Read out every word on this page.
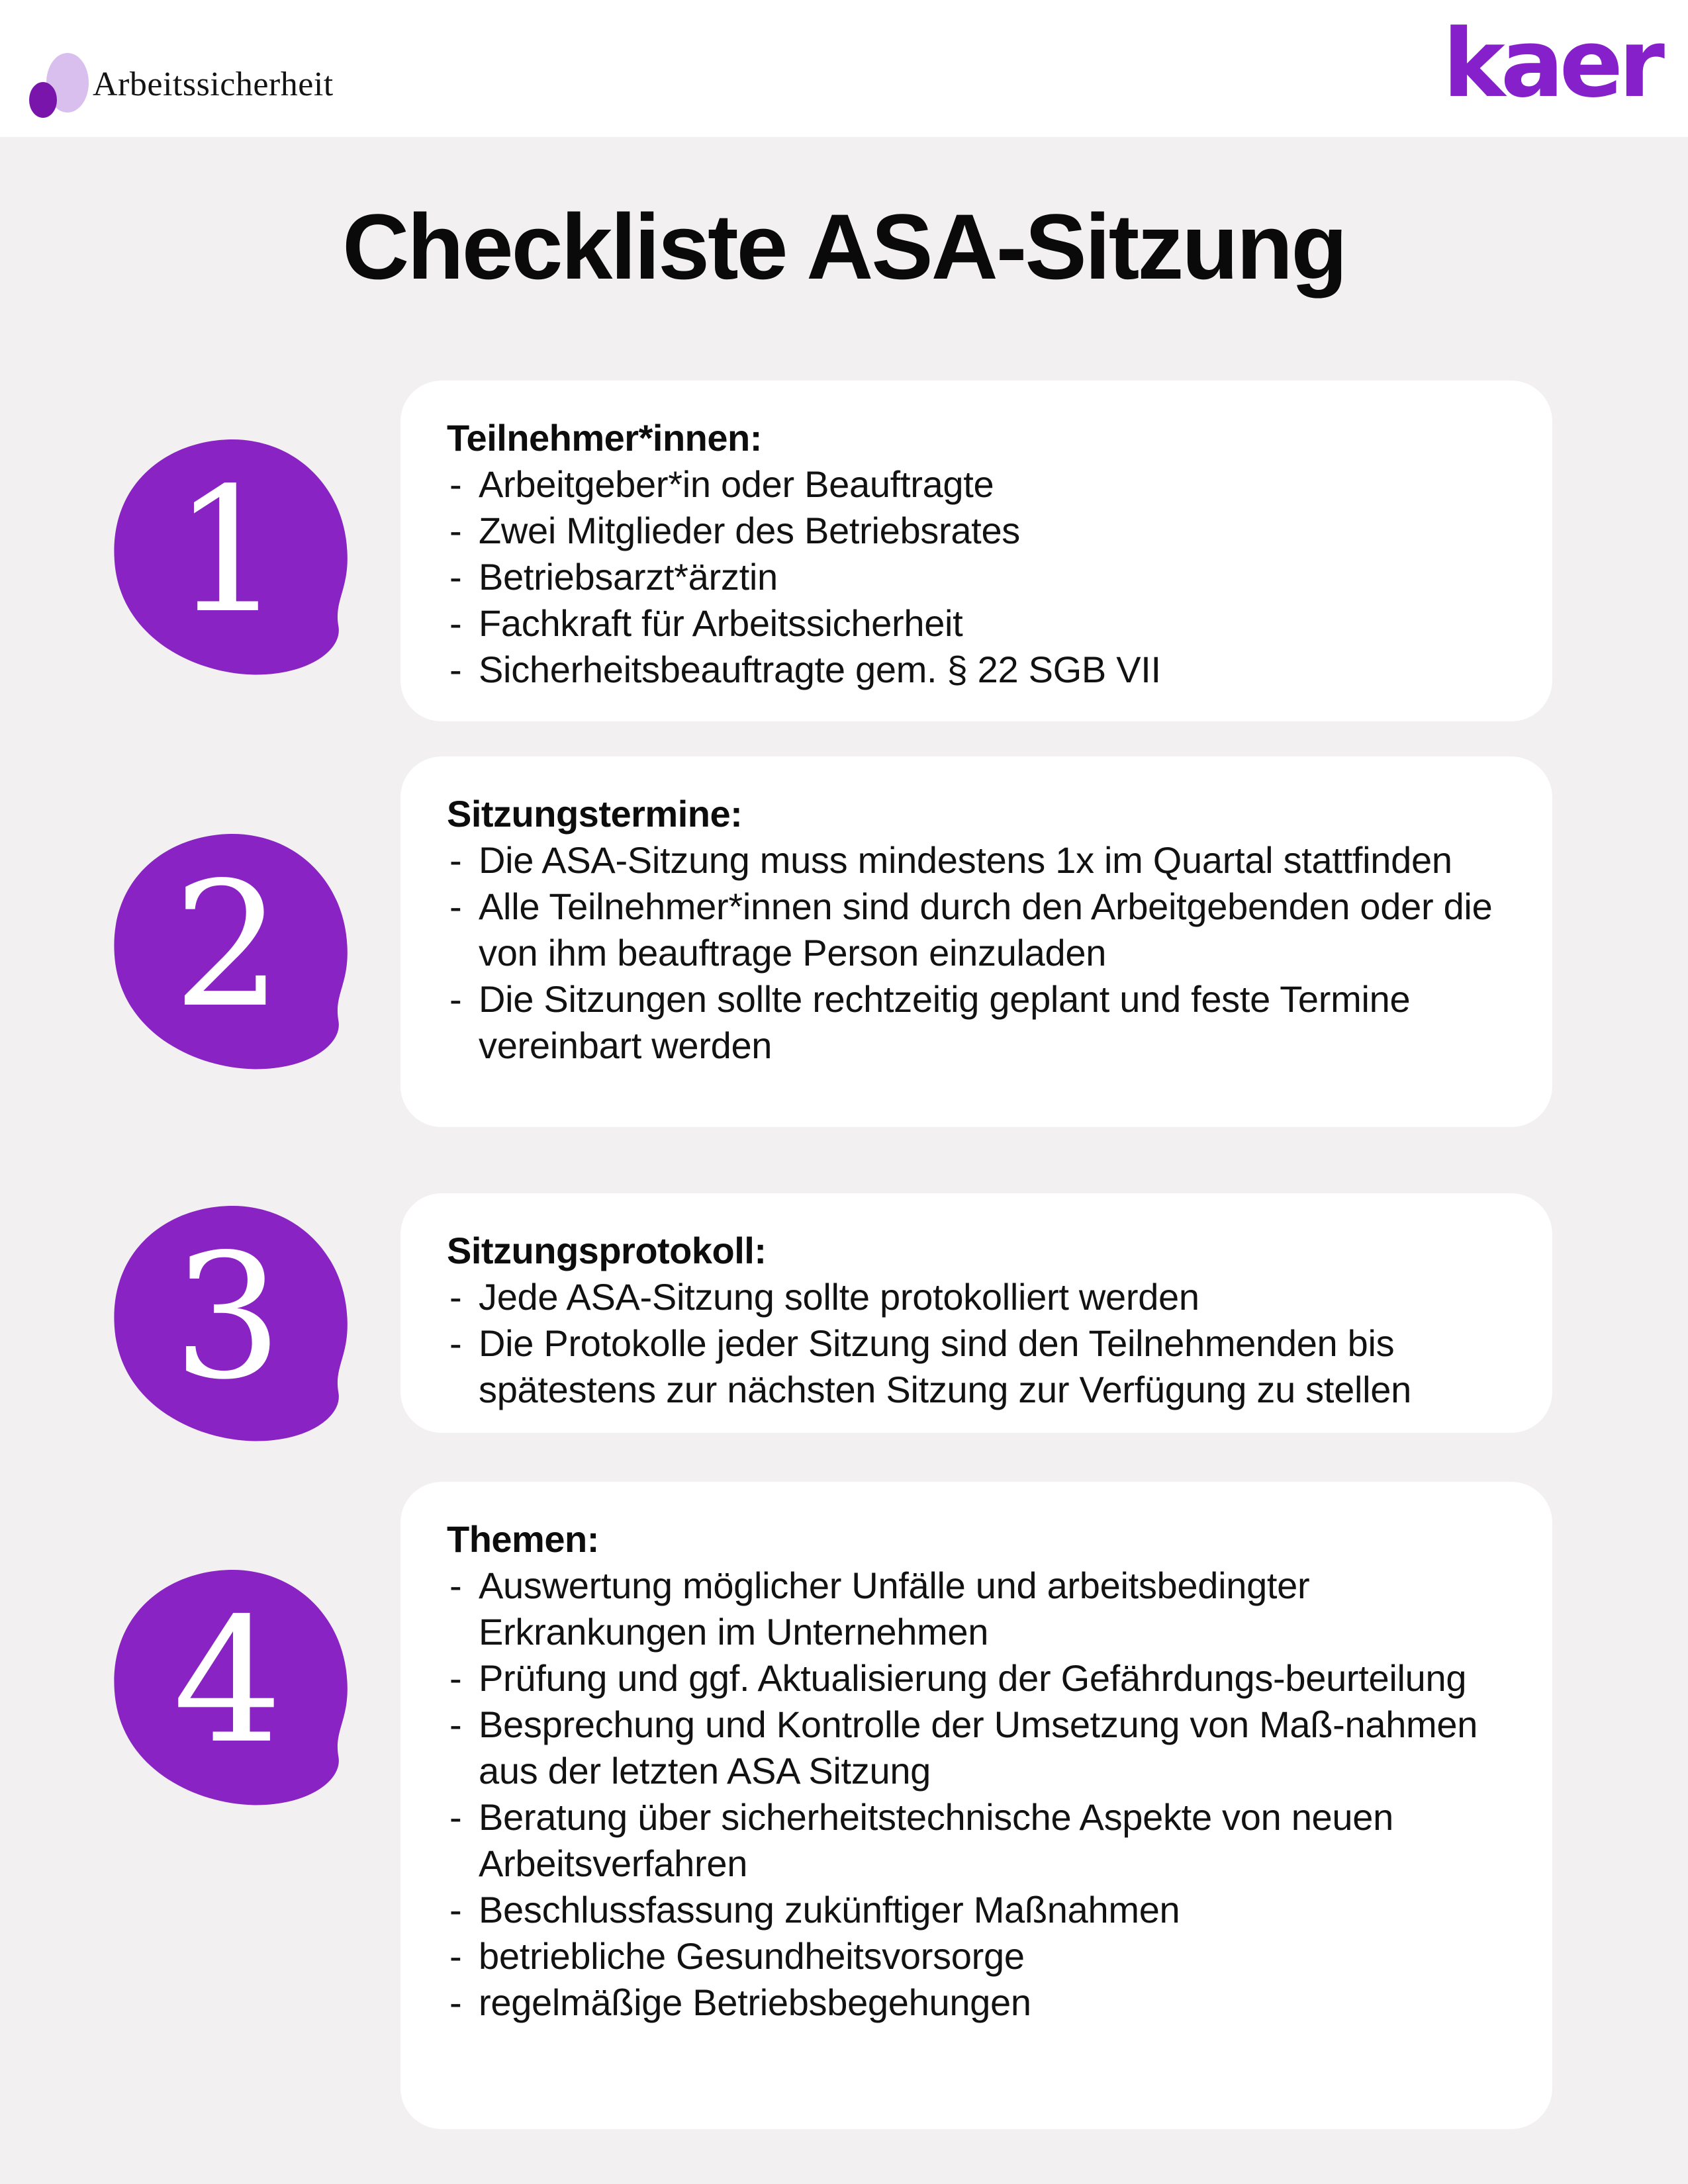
Arbeitssicherheit	kaer
Checkliste ASA-Sitzung
1
Teilnehmer*innen:
- Arbeitgeber*in oder Beauftragte
- Zwei Mitglieder des Betriebsrates
- Betriebsarzt*ärztin
- Fachkraft für Arbeitssicherheit
- Sicherheitsbeauftragte gem. § 22 SGB VII
2
Sitzungstermine:
- Die ASA-Sitzung muss mindestens 1x im Quartal stattfinden
- Alle Teilnehmer*innen sind durch den Arbeitgebenden oder die von ihm beauftrage Person einzuladen
- Die Sitzungen sollte rechtzeitig geplant und feste Termine vereinbart werden
3	Sitzungsprotokoll:
- Jede ASA-Sitzung sollte protokolliert werden
- Die Protokolle jeder Sitzung sind den Teilnehmenden bis spätestens zur nächsten Sitzung zur Verfügung zu stellen
4
Themen:
- Auswertung möglicher Unfälle und arbeitsbedingter Erkrankungen im Unternehmen
- Prüfung und ggf. Aktualisierung der Gefährdungs-beurteilung
- Besprechung und Kontrolle der Umsetzung von Maß-nahmen aus der letzten ASA Sitzung
- Beratung über sicherheitstechnische Aspekte von neuen Arbeitsverfahren
- Beschlussfassung zukünftiger Maßnahmen
- betriebliche Gesundheitsvorsorge
- regelmäßige Betriebsbegehungen
